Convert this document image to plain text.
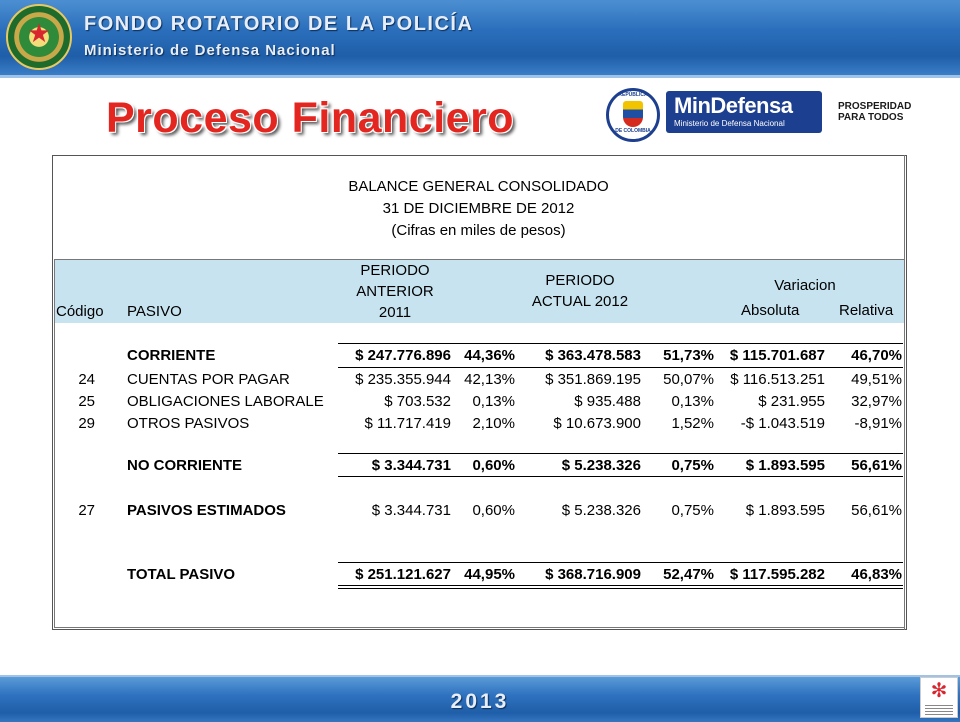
★ FONDO ROTATORIO DE LA POLICÍA
Ministerio de Defensa Nacional
Proceso Financiero	REPÚBLICA
DE COLOMBIA
MinDefensa
Ministerio de Defensa Nacional
PROSPERIDAD
PARA TODOS
BALANCE GENERAL CONSOLIDADO
31 DE DICIEMBRE DE 2012
(Cifras en miles de pesos)
Código PASIVO
PERIODO
ANTERIOR
2011
PERIODO
ACTUAL 2012
Variacion
Absoluta	Relativa
CORRIENTE	$ 247.776.896 44,36%	$ 363.478.583	51,73%	$ 115.701.687	46,70%
24 CUENTAS POR PAGAR	$ 235.355.944 42,13%	$ 351.869.195	50,07%	$ 116.513.251	49,51%
25 OBLIGACIONES LABORALE	$ 703.532	0,13%	$ 935.488	0,13%	$ 231.955	32,97%
29 OTROS PASIVOS	$ 11.717.419	2,10%	$ 10.673.900	1,52%	-$ 1.043.519	-8,91%
NO CORRIENTE	$ 3.344.731	0,60%	$ 5.238.326	0,75%	$ 1.893.595	56,61%
27 PASIVOS ESTIMADOS	$ 3.344.731	0,60%	$ 5.238.326	0,75%	$ 1.893.595	56,61%
TOTAL PASIVO	$ 251.121.627 44,95%	$ 368.716.909	52,47%	$ 117.595.282	46,83%
2013	✻
